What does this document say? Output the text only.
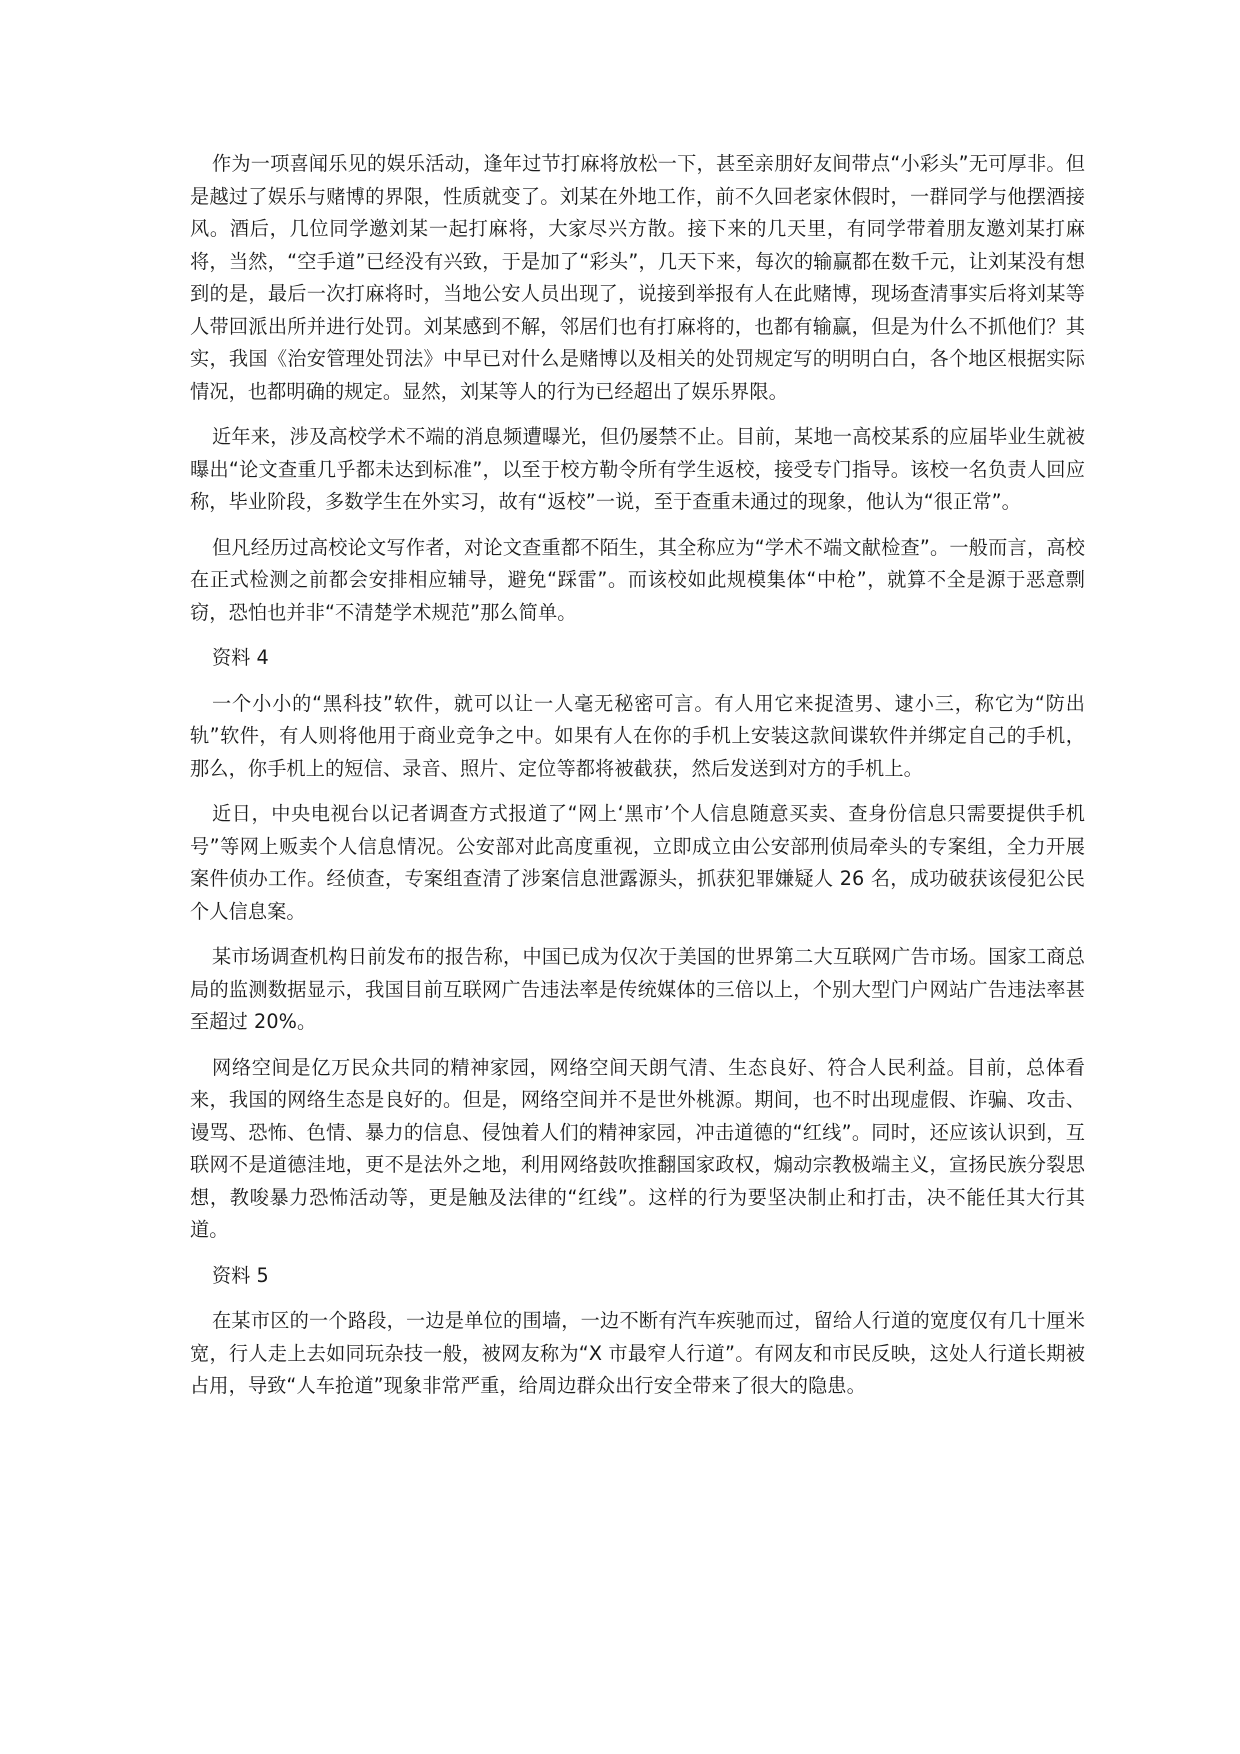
作为一项喜闻乐见的娱乐活动，逢年过节打麻将放松一下，甚至亲朋好友间带点“小彩头”无可厚非。但是越过了娱乐与赌博的界限，性质就变了。刘某在外地工作，前不久回老家休假时，一群同学与他摆酒接风。酒后，几位同学邀刘某一起打麻将，大家尽兴方散。接下来的几天里，有同学带着朋友邀刘某打麻将，当然，“空手道”已经没有兴致，于是加了“彩头”，几天下来，每次的输赢都在数千元，让刘某没有想到的是，最后一次打麻将时，当地公安人员出现了，说接到举报有人在此赌博，现场查清事实后将刘某等人带回派出所并进行处罚。刘某感到不解，邻居们也有打麻将的，也都有输赢，但是为什么不抓他们？其实，我国《治安管理处罚法》中早已对什么是赌博以及相关的处罚规定写的明明白白，各个地区根据实际情况，也都明确的规定。显然，刘某等人的行为已经超出了娱乐界限。

近年来，涉及高校学术不端的消息频遭曝光，但仍屡禁不止。目前，某地一高校某系的应届毕业生就被曝出“论文查重几乎都未达到标准”，以至于校方勒令所有学生返校，接受专门指导。该校一名负责人回应称，毕业阶段，多数学生在外实习，故有“返校”一说，至于查重未通过的现象，他认为“很正常”。

但凡经历过高校论文写作者，对论文查重都不陌生，其全称应为“学术不端文献检查”。一般而言，高校在正式检测之前都会安排相应辅导，避免“踩雷”。而该校如此规模集体“中枪”，就算不全是源于恶意剽窃，恐怕也并非“不清楚学术规范”那么简单。

资料 4

一个小小的“黑科技”软件，就可以让一人毫无秘密可言。有人用它来捉渣男、逮小三，称它为“防出轨”软件，有人则将他用于商业竞争之中。如果有人在你的手机上安装这款间谍软件并绑定自己的手机，那么，你手机上的短信、录音、照片、定位等都将被截获，然后发送到对方的手机上。

近日，中央电视台以记者调查方式报道了“网上‘黑市’个人信息随意买卖、查身份信息只需要提供手机号”等网上贩卖个人信息情况。公安部对此高度重视，立即成立由公安部刑侦局牵头的专案组，全力开展案件侦办工作。经侦查，专案组查清了涉案信息泄露源头，抓获犯罪嫌疑人 26 名，成功破获该侵犯公民个人信息案。

某市场调查机构日前发布的报告称，中国已成为仅次于美国的世界第二大互联网广告市场。国家工商总局的监测数据显示，我国目前互联网广告违法率是传统媒体的三倍以上，个别大型门户网站广告违法率甚至超过 20%。

网络空间是亿万民众共同的精神家园，网络空间天朗气清、生态良好、符合人民利益。目前，总体看来，我国的网络生态是良好的。但是，网络空间并不是世外桃源。期间，也不时出现虚假、诈骗、攻击、谩骂、恐怖、色情、暴力的信息、侵蚀着人们的精神家园，冲击道德的“红线”。同时，还应该认识到，互联网不是道德洼地，更不是法外之地，利用网络鼓吹推翻国家政权，煽动宗教极端主义，宣扬民族分裂思想，教唆暴力恐怖活动等，更是触及法律的“红线”。这样的行为要坚决制止和打击，决不能任其大行其道。

资料 5

在某市区的一个路段，一边是单位的围墙，一边不断有汽车疾驰而过，留给人行道的宽度仅有几十厘米宽，行人走上去如同玩杂技一般，被网友称为“X 市最窄人行道”。有网友和市民反映，这处人行道长期被占用，导致“人车抢道”现象非常严重，给周边群众出行安全带来了很大的隐患。
